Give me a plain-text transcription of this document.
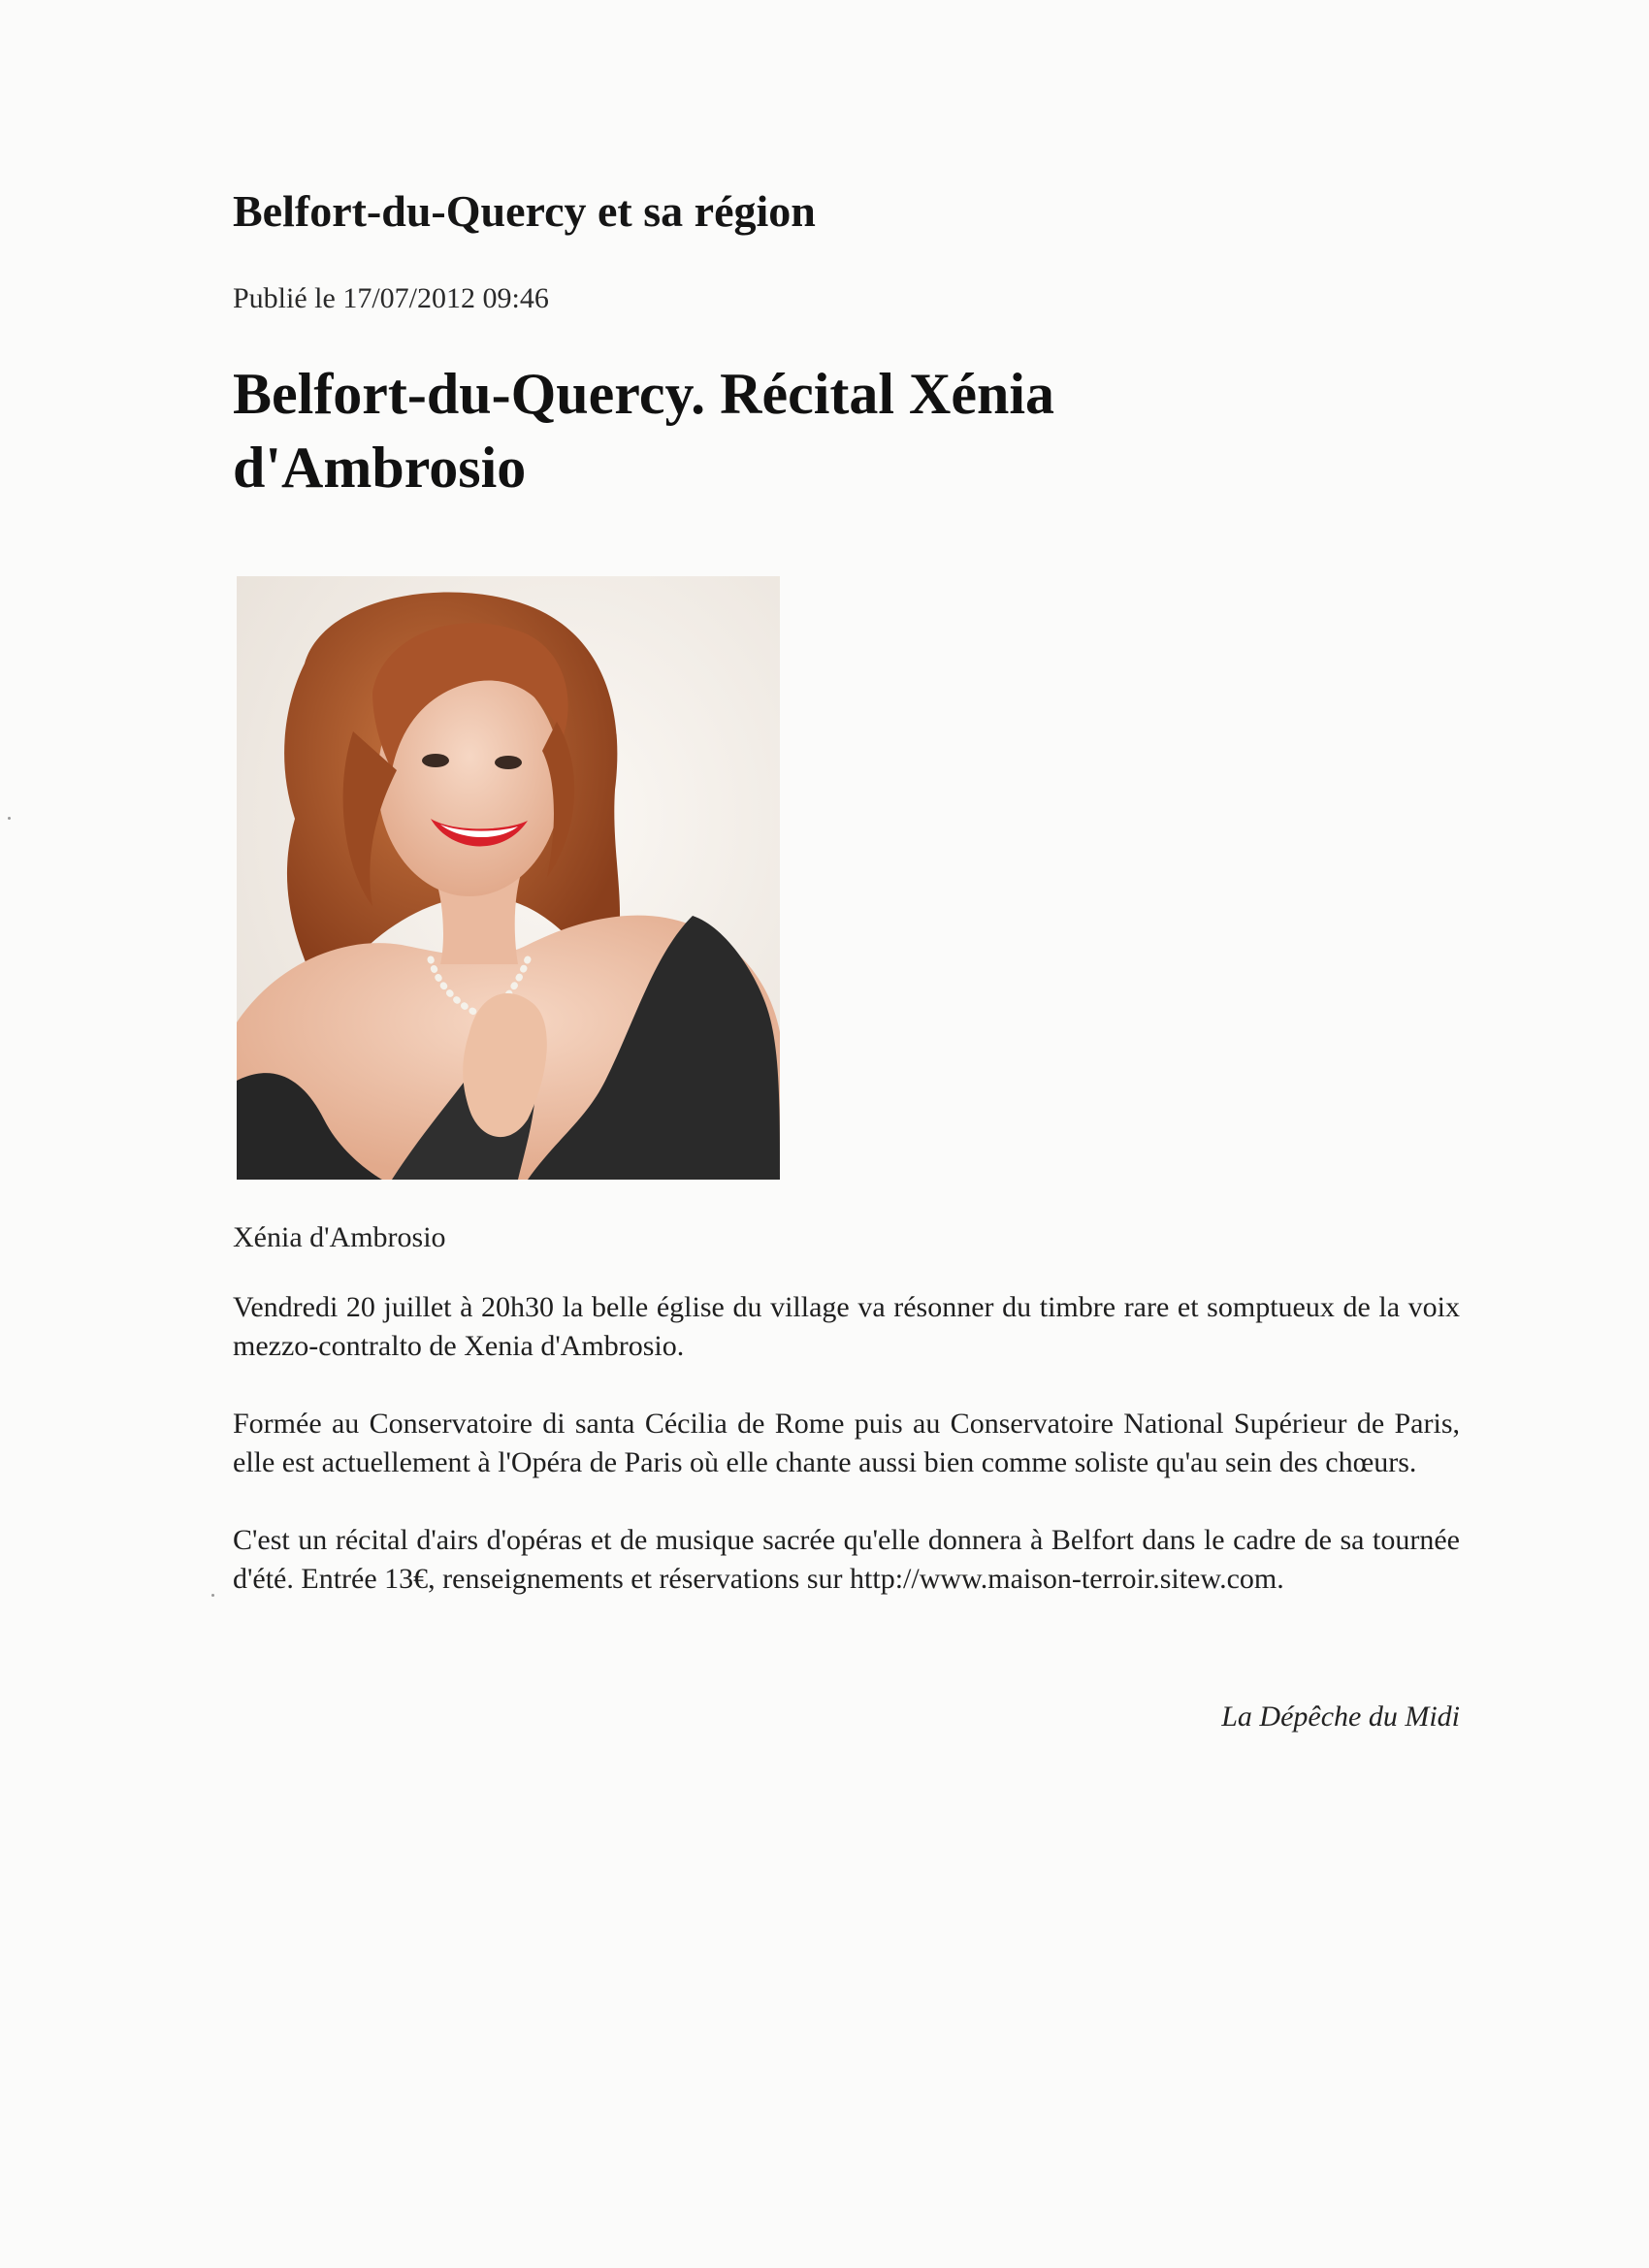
Belfort-du-Quercy et sa région
Publié le 17/07/2012 09:46
Belfort-du-Quercy. Récital Xénia d'Ambrosio
Xénia d'Ambrosio

Vendredi 20 juillet à 20h30 la belle église du village va résonner du timbre rare et somptueux de la voix mezzo-contralto de Xenia d'Ambrosio.

Formée au Conservatoire di santa Cécilia de Rome puis au Conservatoire National Supérieur de Paris, elle est actuellement à l'Opéra de Paris où elle chante aussi bien comme soliste qu'au sein des chœurs.

C'est un récital d'airs d'opéras et de musique sacrée qu'elle donnera à Belfort dans le cadre de sa tournée d'été. Entrée 13€, renseignements et réservations sur http://www.maison-terroir.sitew.com.

La Dépêche du Midi
